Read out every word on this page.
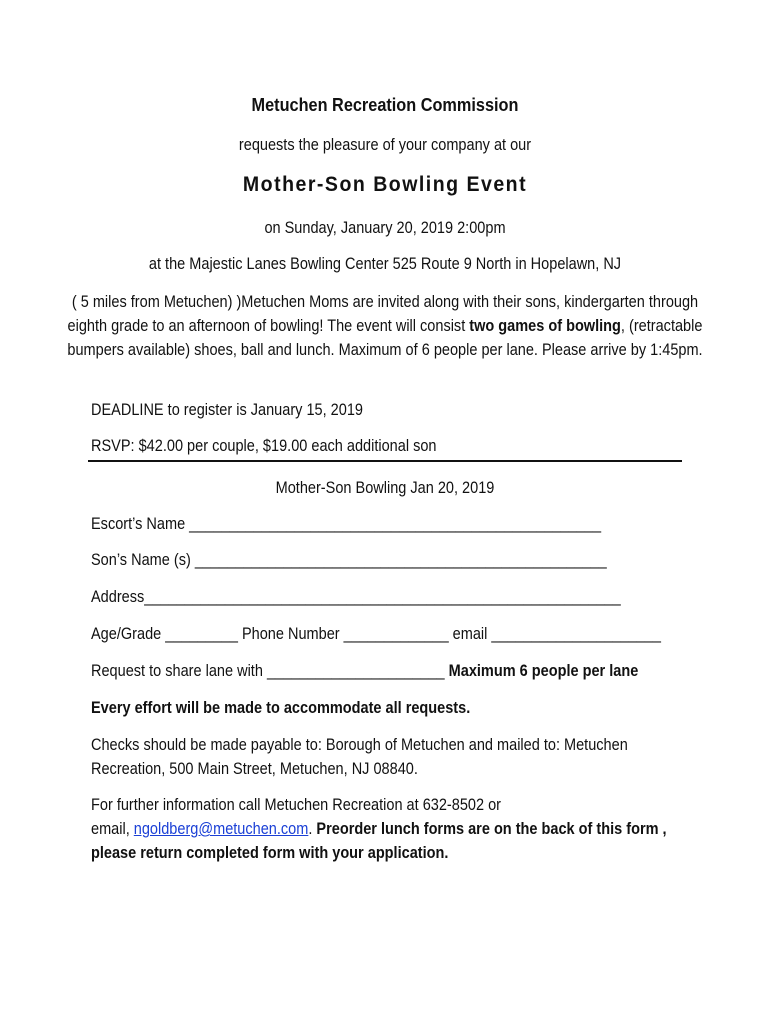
Metuchen Recreation Commission
requests the pleasure of your company at our
Mother-Son Bowling Event
on Sunday, January 20, 2019 2:00pm
at the Majestic Lanes Bowling Center 525 Route 9 North in Hopelawn, NJ
( 5 miles from Metuchen) )Metuchen Moms are invited along with their sons, kindergarten through eighth grade to an afternoon of bowling! The event will consist two games of bowling, (retractable bumpers available) shoes, ball and lunch. Maximum of 6 people per lane. Please arrive by 1:45pm.
DEADLINE to register is January 15, 2019
RSVP: $42.00 per couple, $19.00 each additional son
Mother-Son Bowling Jan 20, 2019
Escort’s Name ___________________________________________________
Son’s Name (s) ___________________________________________________
Address___________________________________________________________
Age/Grade _________ Phone Number _____________ email _____________________
Request to share lane with ______________________ Maximum 6 people per lane
Every effort will be made to accommodate all requests.
Checks should be made payable to: Borough of Metuchen and mailed to: Metuchen
Recreation, 500 Main Street, Metuchen, NJ 08840.
For further information call Metuchen Recreation at 632-8502 or
email, ngoldberg@metuchen.com. Preorder lunch forms are on the back of this form ,
please return completed form with your application.
